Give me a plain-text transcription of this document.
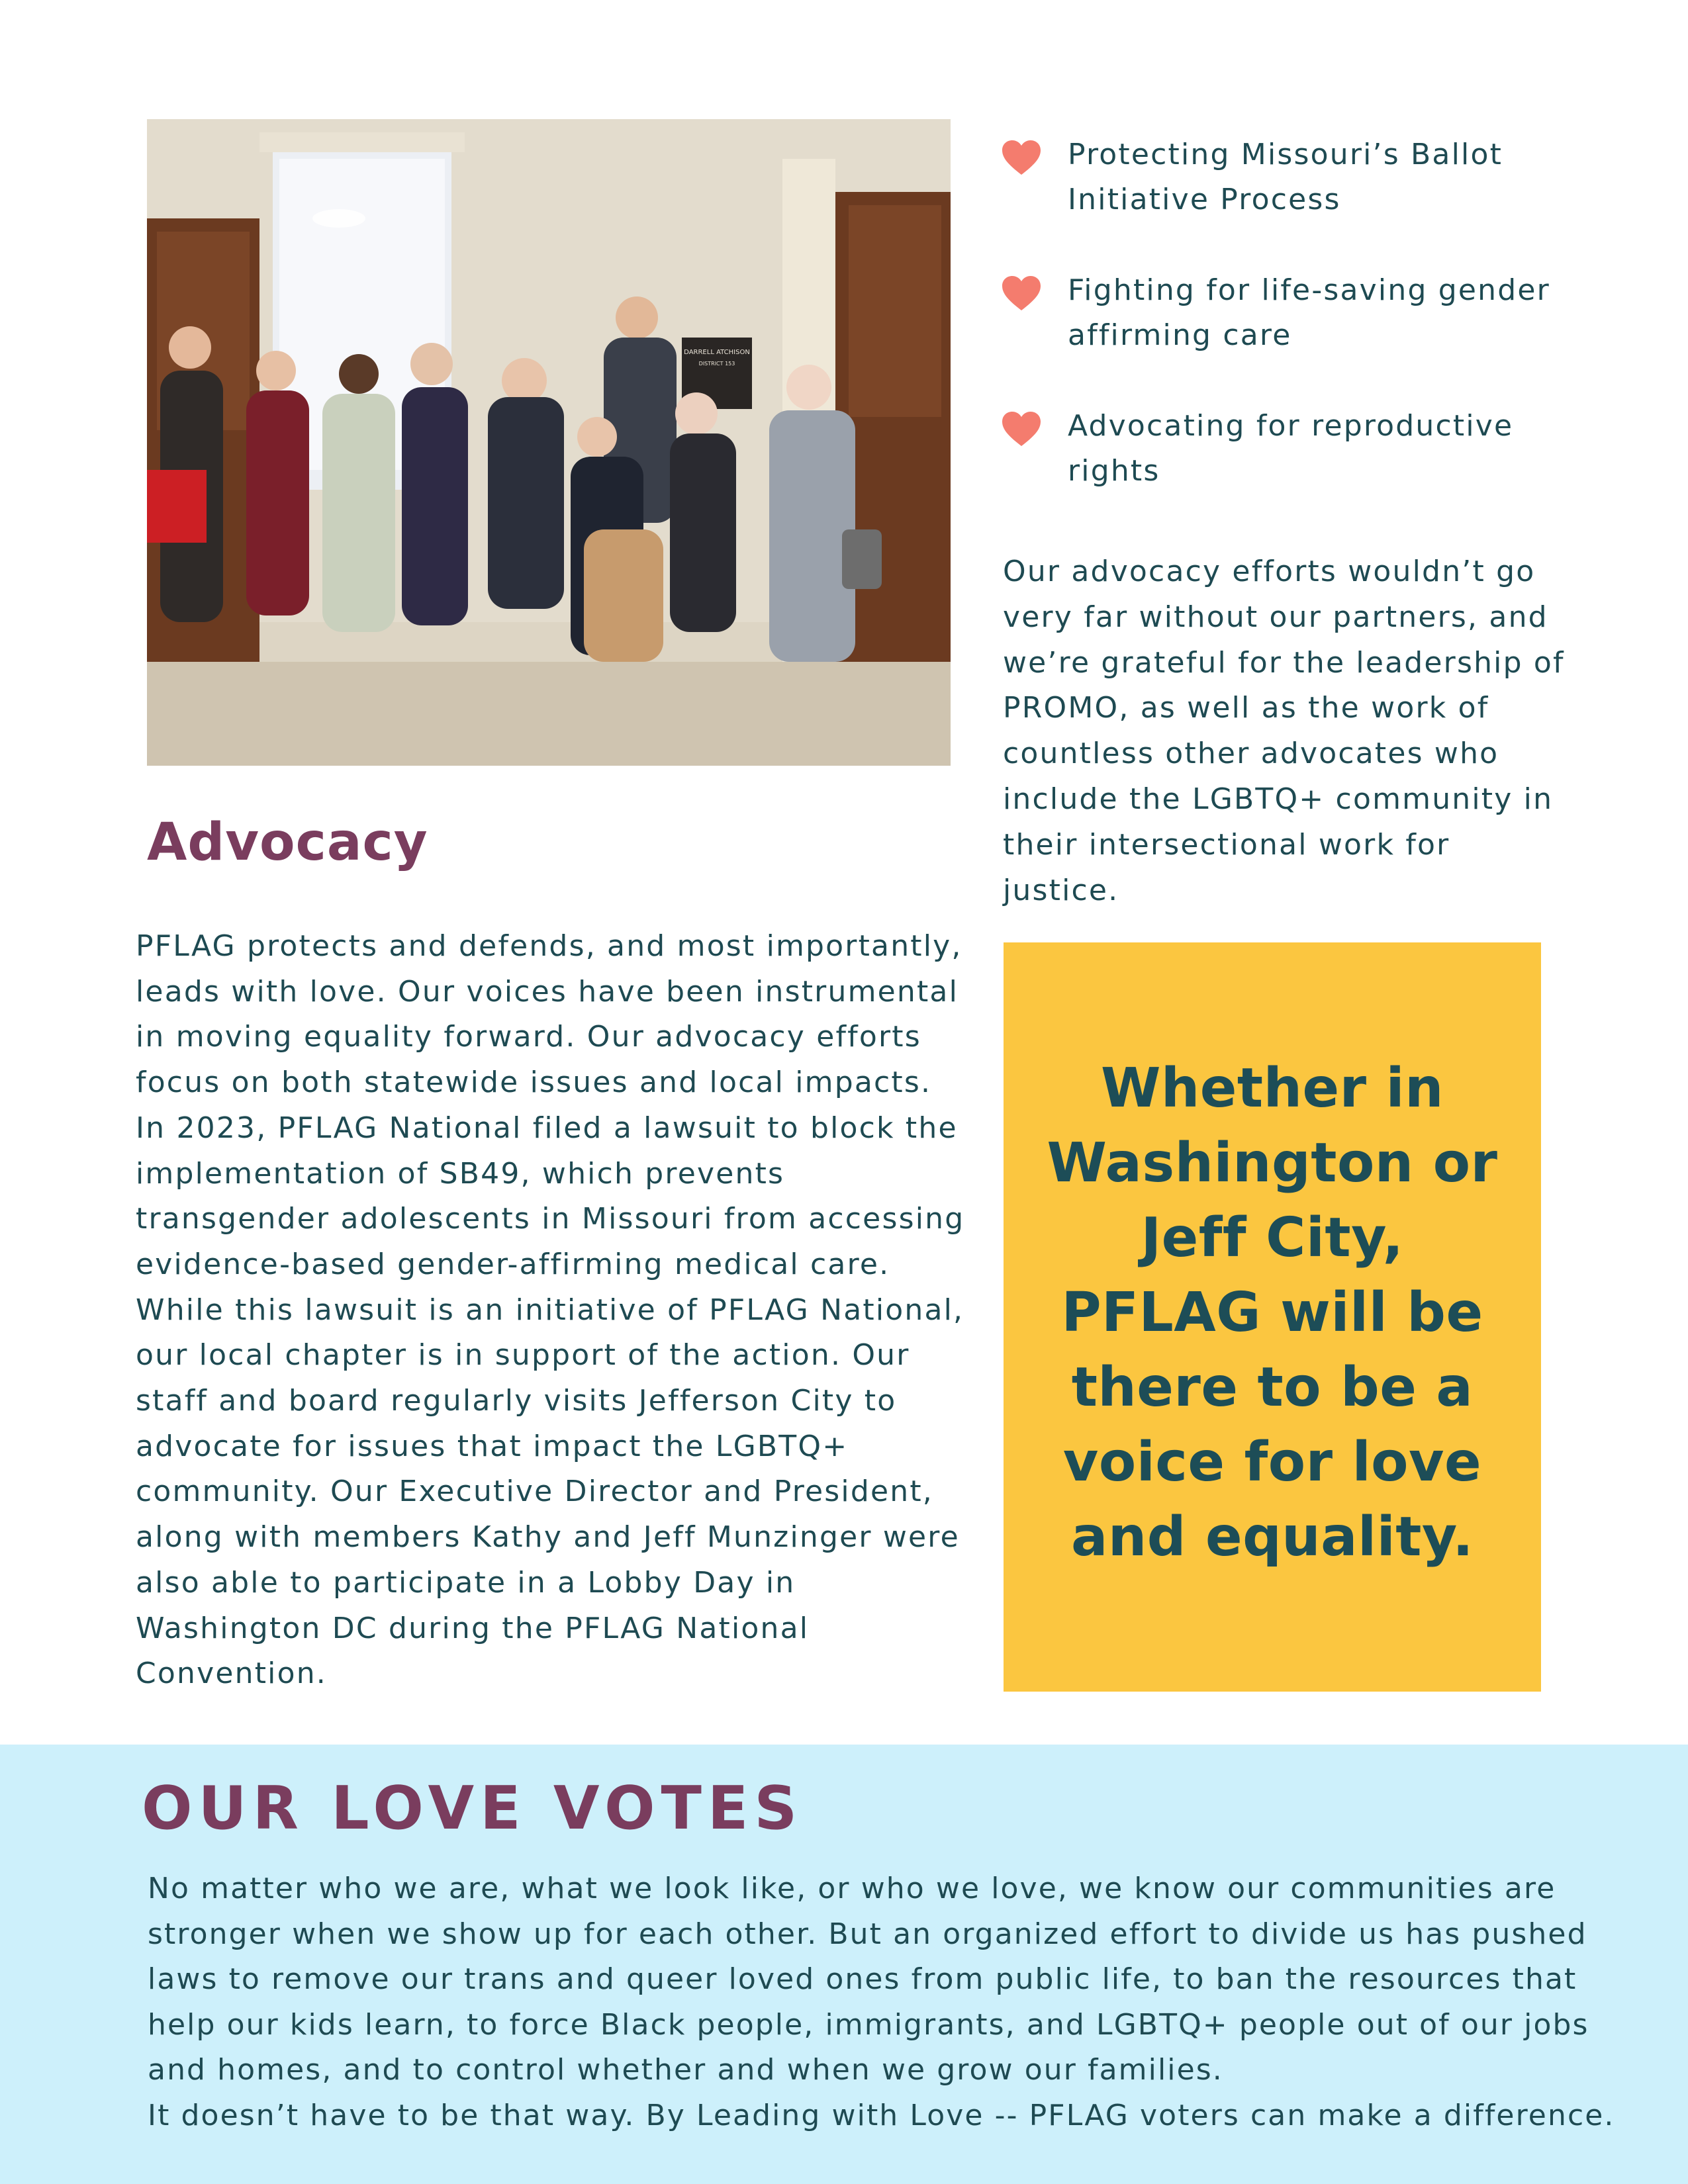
DARRELL ATCHISON
DISTRICT 153
Advocacy
PFLAG protects and defends, and most importantly, leads with love. Our voices have been instrumental in moving equality forward. Our advocacy efforts focus on both statewide issues and local impacts. In 2023, PFLAG National filed a lawsuit to block the implementation of SB49, which prevents transgender adolescents in Missouri from accessing evidence-based gender-affirming medical care. While this lawsuit is an initiative of PFLAG National, our local chapter is in support of the action. Our staff and board regularly visits Jefferson City to advocate for issues that impact the LGBTQ+ community. Our Executive Director and President, along with members Kathy and Jeff Munzinger were also able to participate in a Lobby Day in Washington DC during the PFLAG National Convention.
Protecting Missouri’s Ballot Initiative Process
Fighting for life-saving gender affirming care
Advocating for reproductive rights
Our advocacy efforts wouldn’t go very far without our partners, and we’re grateful for the leadership of PROMO, as well as the work of countless other advocates who include the LGBTQ+ community in their intersectional work for justice.
Whether in Washington or Jeff City, PFLAG will be there to be a voice for love and equality.
OUR LOVE VOTES

No matter who we are, what we look like, or who we love, we know our communities are stronger when we show up for each other. But an organized effort to divide us has pushed laws to remove our trans and queer loved ones from public life, to ban the resources that help our kids learn, to force Black people, immigrants, and LGBTQ+ people out of our jobs and homes, and to control whether and when we grow our families.

It doesn’t have to be that way. By Leading with Love -- PFLAG voters can make a difference.
